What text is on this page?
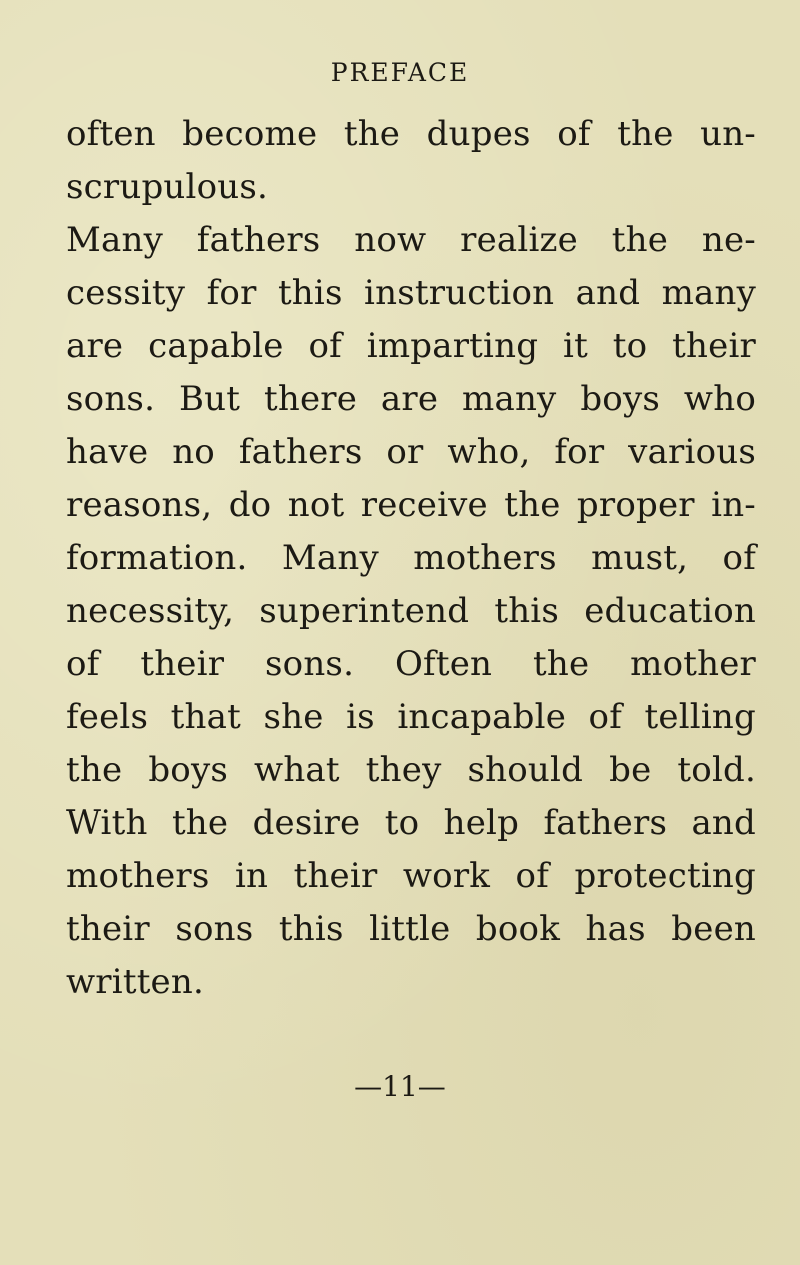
PREFACE
often become the dupes of the un-
scrupulous.
Many fathers now realize the ne-
cessity for this instruction and many
are capable of imparting it to their
sons. But there are many boys who
have no fathers or who, for various
reasons, do not receive the proper in-
formation. Many mothers must, of
necessity, superintend this education
of their sons. Often the mother
feels that she is incapable of telling
the boys what they should be told.
With the desire to help fathers and
mothers in their work of protecting
their sons this little book has been
written.
—11—
